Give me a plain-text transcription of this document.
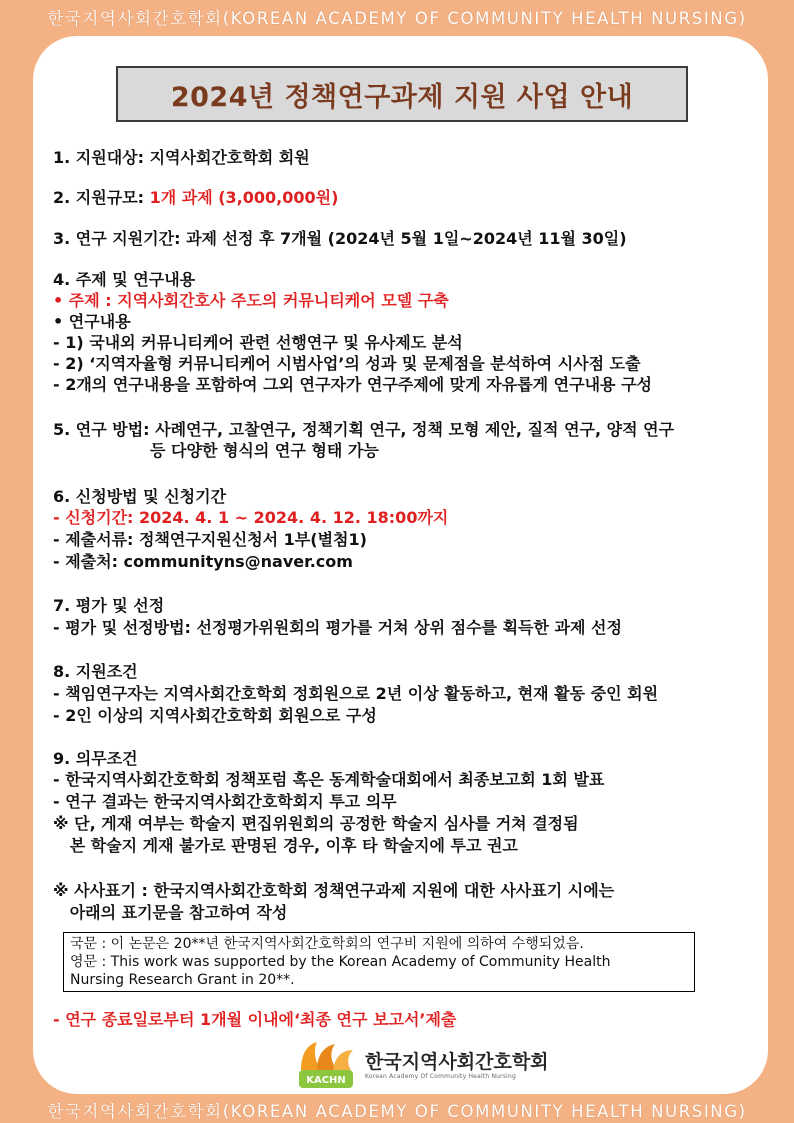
한국지역사회간호학회(KOREAN ACADEMY OF COMMUNITY HEALTH NURSING)
2024년 정책연구과제 지원 사업 안내
1. 지원대상: 지역사회간호학회 회원
2. 지원규모: 1개 과제 (3,000,000원)
3. 연구 지원기간: 과제 선정 후 7개월 (2024년 5월 1일~2024년 11월 30일)
4. 주제 및 연구내용
• 주제 : 지역사회간호사 주도의 커뮤니티케어 모델 구축
• 연구내용
- 1) 국내외 커뮤니티케어 관련 선행연구 및 유사제도 분석
- 2) ‘지역자율형 커뮤니티케어 시범사업’의 성과 및 문제점을 분석하여 시사점 도출
- 2개의 연구내용을 포함하여 그외 연구자가 연구주제에 맞게 자유롭게 연구내용 구성
5. 연구 방법: 사례연구, 고찰연구, 정책기획 연구, 정책 모형 제안, 질적 연구, 양적 연구
등 다양한 형식의 연구 형태 가능
6. 신청방법 및 신청기간
- 신청기간: 2024. 4. 1 ~ 2024. 4. 12. 18:00까지
- 제출서류: 정책연구지원신청서 1부(별첨1)
- 제출처: communityns@naver.com
7. 평가 및 선정
- 평가 및 선정방법: 선정평가위원회의 평가를 거쳐 상위 점수를 획득한 과제 선정
8. 지원조건
- 책임연구자는 지역사회간호학회 정회원으로 2년 이상 활동하고, 현재 활동 중인 회원
- 2인 이상의 지역사회간호학회 회원으로 구성
9. 의무조건
- 한국지역사회간호학회 정책포럼 혹은 동계학술대회에서 최종보고회 1회 발표
- 연구 결과는 한국지역사회간호학회지 투고 의무
※ 단, 게재 여부는 학술지 편집위원회의 공정한 학술지 심사를 거쳐 결정됨
본 학술지 게재 불가로 판명된 경우, 이후 타 학술지에 투고 권고
※ 사사표기 : 한국지역사회간호학회 정책연구과제 지원에 대한 사사표기 시에는
아래의 표기문을 참고하여 작성
국문 : 이 논문은 20**년 한국지역사회간호학회의 연구비 지원에 의하여 수행되었음.
영문 : This work was supported by the Korean Academy of Community Health
Nursing Research Grant in 20**.
- 연구 종료일로부터 1개월 이내에‘최종 연구 보고서’제출
KACHN
한국지역사회간호학회
Korean Academy Of Community Health Nursing
한국지역사회간호학회(KOREAN ACADEMY OF COMMUNITY HEALTH NURSING)
